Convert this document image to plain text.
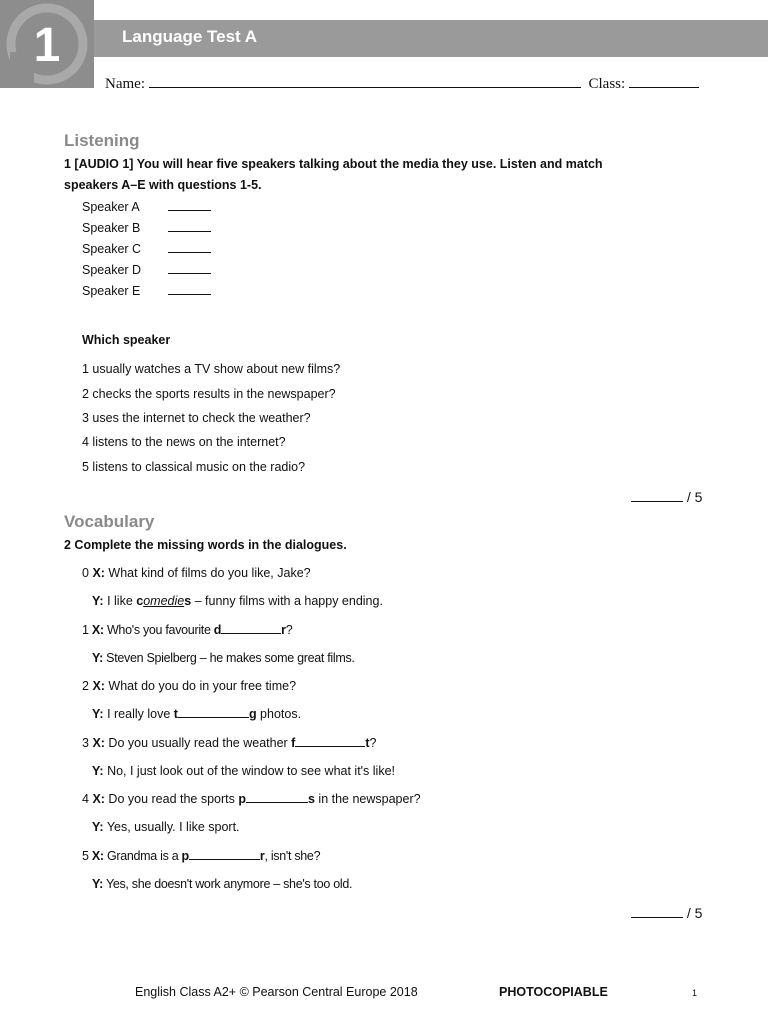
1	Language Test A
Name:	Class:
Listening
1 [AUDIO 1] You will hear five speakers talking about the media they use. Listen and match speakers A–E with questions 1-5.
Speaker A
Speaker B
Speaker C
Speaker D
Speaker E
Which speaker
1 usually watches a TV show about new films?
2 checks the sports results in the newspaper?
3 uses the internet to check the weather?
4 listens to the news on the internet?
5 listens to classical music on the radio?
/ 5
Vocabulary
2 Complete the missing words in the dialogues.
0 X: What kind of films do you like, Jake?
Y: I like comedies – funny films with a happy ending.
1 X: Who's you favourite d	r?
Y: Steven Spielberg – he makes some great films.
2 X: What do you do in your free time?
Y: I really love t	g photos.
3 X: Do you usually read the weather f	t?
Y: No, I just look out of the window to see what it's like!
4 X: Do you read the sports p	s in the newspaper?
Y: Yes, usually. I like sport.
5 X: Grandma is a p	r, isn't she?
Y: Yes, she doesn't work anymore – she's too old.
/ 5
English Class A2+ © Pearson Central Europe 2018	PHOTOCOPIABLE	1
